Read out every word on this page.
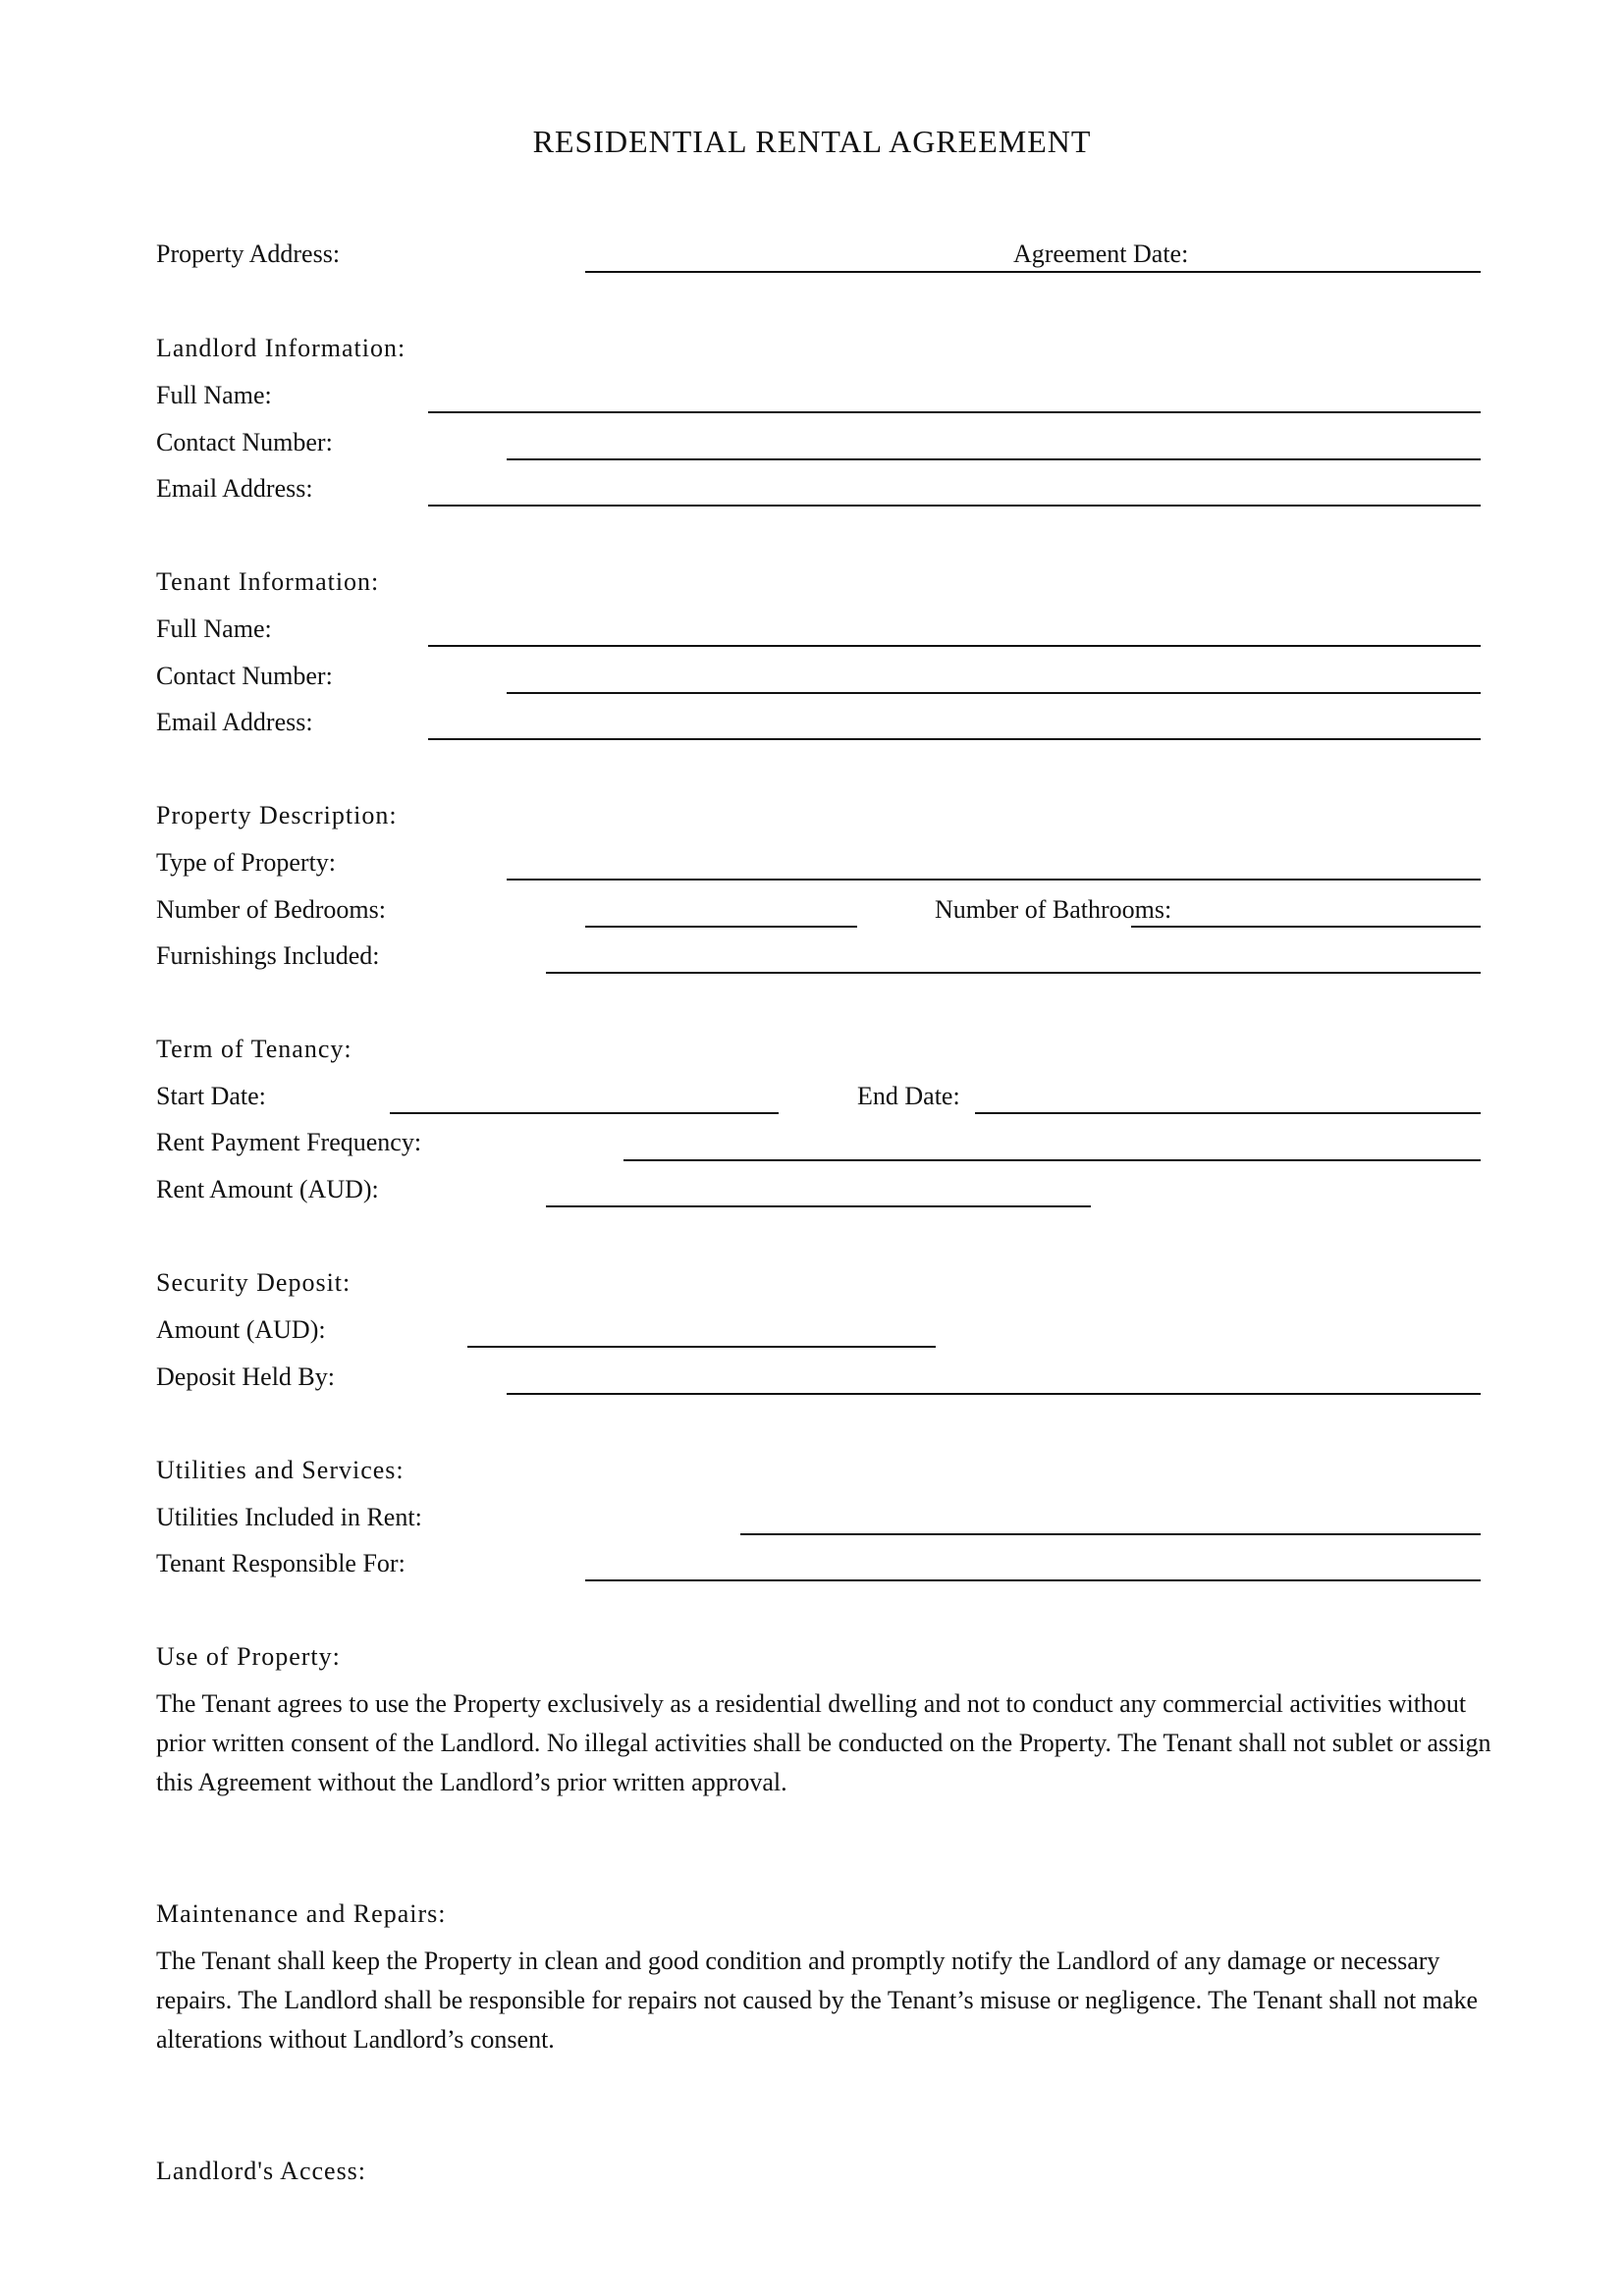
RESIDENTIAL RENTAL AGREEMENT
Property Address:	Agreement Date:
Landlord Information:
Full Name:
Contact Number:
Email Address:
Tenant Information:
Full Name:
Contact Number:
Email Address:
Property Description:
Type of Property:
Number of Bedrooms:	Number of Bathrooms:
Furnishings Included:
Term of Tenancy:
Start Date:	End Date:
Rent Payment Frequency:
Rent Amount (AUD):
Security Deposit:
Amount (AUD):
Deposit Held By:
Utilities and Services:
Utilities Included in Rent:
Tenant Responsible For:
Use of Property:
The Tenant agrees to use the Property exclusively as a residential dwelling and not to conduct any commercial activities without prior written consent of the Landlord. No illegal activities shall be conducted on the Property. The Tenant shall not sublet or assign this Agreement without the Landlord’s prior written approval.
Maintenance and Repairs:
The Tenant shall keep the Property in clean and good condition and promptly notify the Landlord of any damage or necessary repairs. The Landlord shall be responsible for repairs not caused by the Tenant’s misuse or negligence. The Tenant shall not make alterations without Landlord’s consent.
Landlord's Access:
